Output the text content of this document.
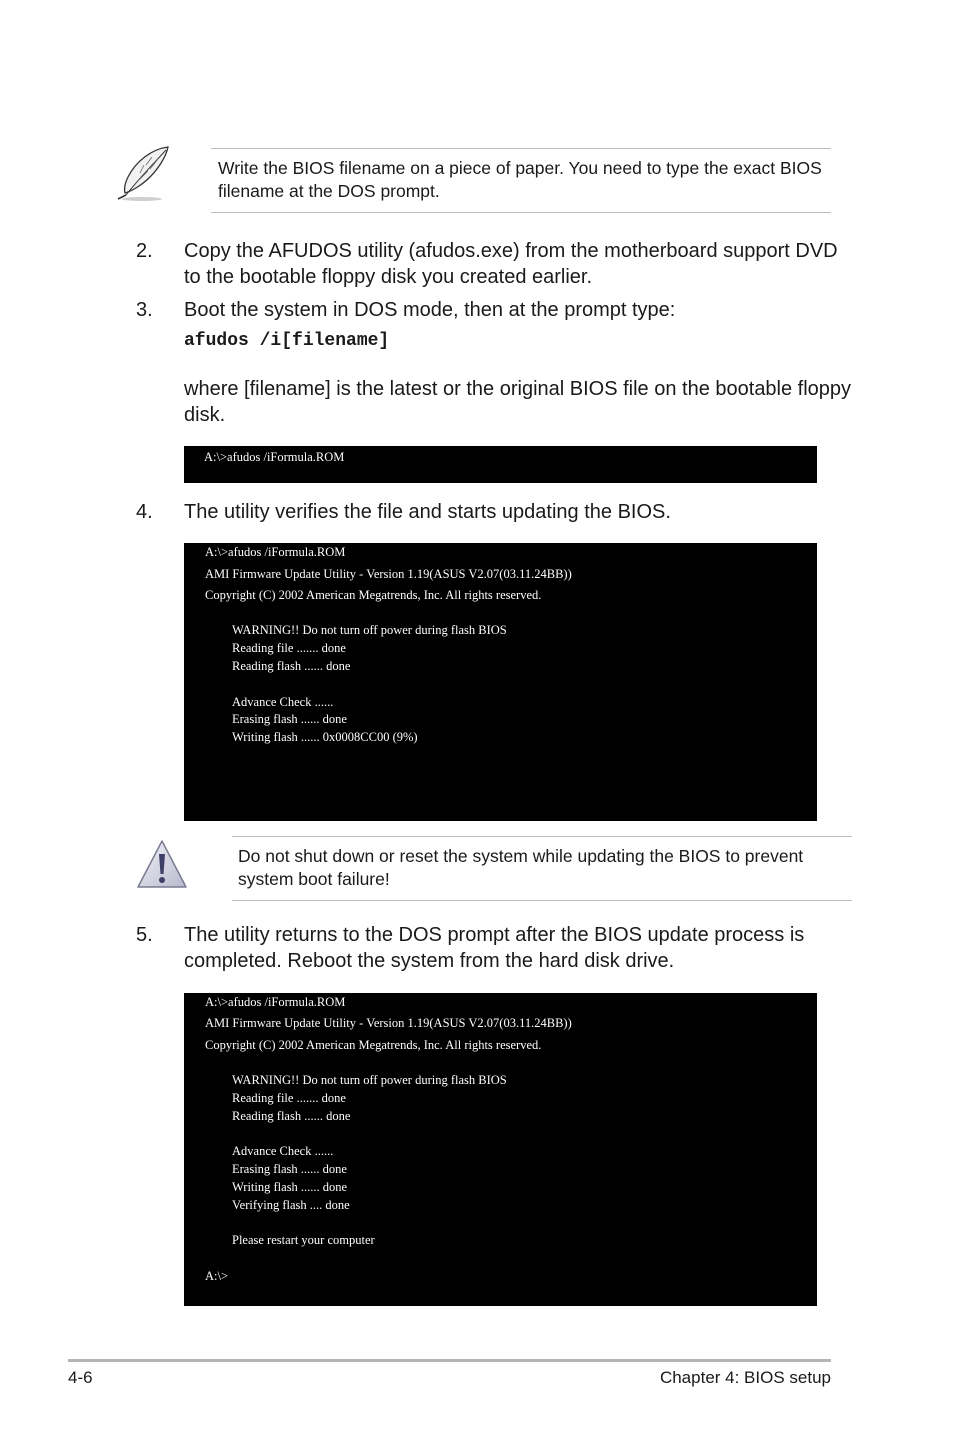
Write the BIOS filename on a piece of paper. You need to type the exact BIOS filename at the DOS prompt.
2. Copy the AFUDOS utility (afudos.exe) from the motherboard support DVD to the bootable floppy disk you created earlier.
3. Boot the system in DOS mode, then at the prompt type:
afudos /i[filename]
where [filename] is the latest or the original BIOS file on the bootable floppy disk.
A:\>afudos /iFormula.ROM
4. The utility verifies the file and starts updating the BIOS.
A:\>afudos /iFormula.ROM
AMI Firmware Update Utility - Version 1.19(ASUS V2.07(03.11.24BB))
Copyright (C) 2002 American Megatrends, Inc. All rights reserved.
WARNING!! Do not turn off power during flash BIOS
Reading file ....... done
Reading flash ...... done
Advance Check ......
Erasing flash ...... done
Writing flash ...... 0x0008CC00 (9%)
Do not shut down or reset the system while updating the BIOS to prevent system boot failure!
5. The utility returns to the DOS prompt after the BIOS update process is completed. Reboot the system from the hard disk drive.
A:\>afudos /iFormula.ROM
AMI Firmware Update Utility - Version 1.19(ASUS V2.07(03.11.24BB))
Copyright (C) 2002 American Megatrends, Inc. All rights reserved.
WARNING!! Do not turn off power during flash BIOS
Reading file ....... done
Reading flash ...... done
Advance Check ......
Erasing flash ...... done
Writing flash ...... done
Verifying flash .... done
Please restart your computer
A:\>
4-6	Chapter 4: BIOS setup
